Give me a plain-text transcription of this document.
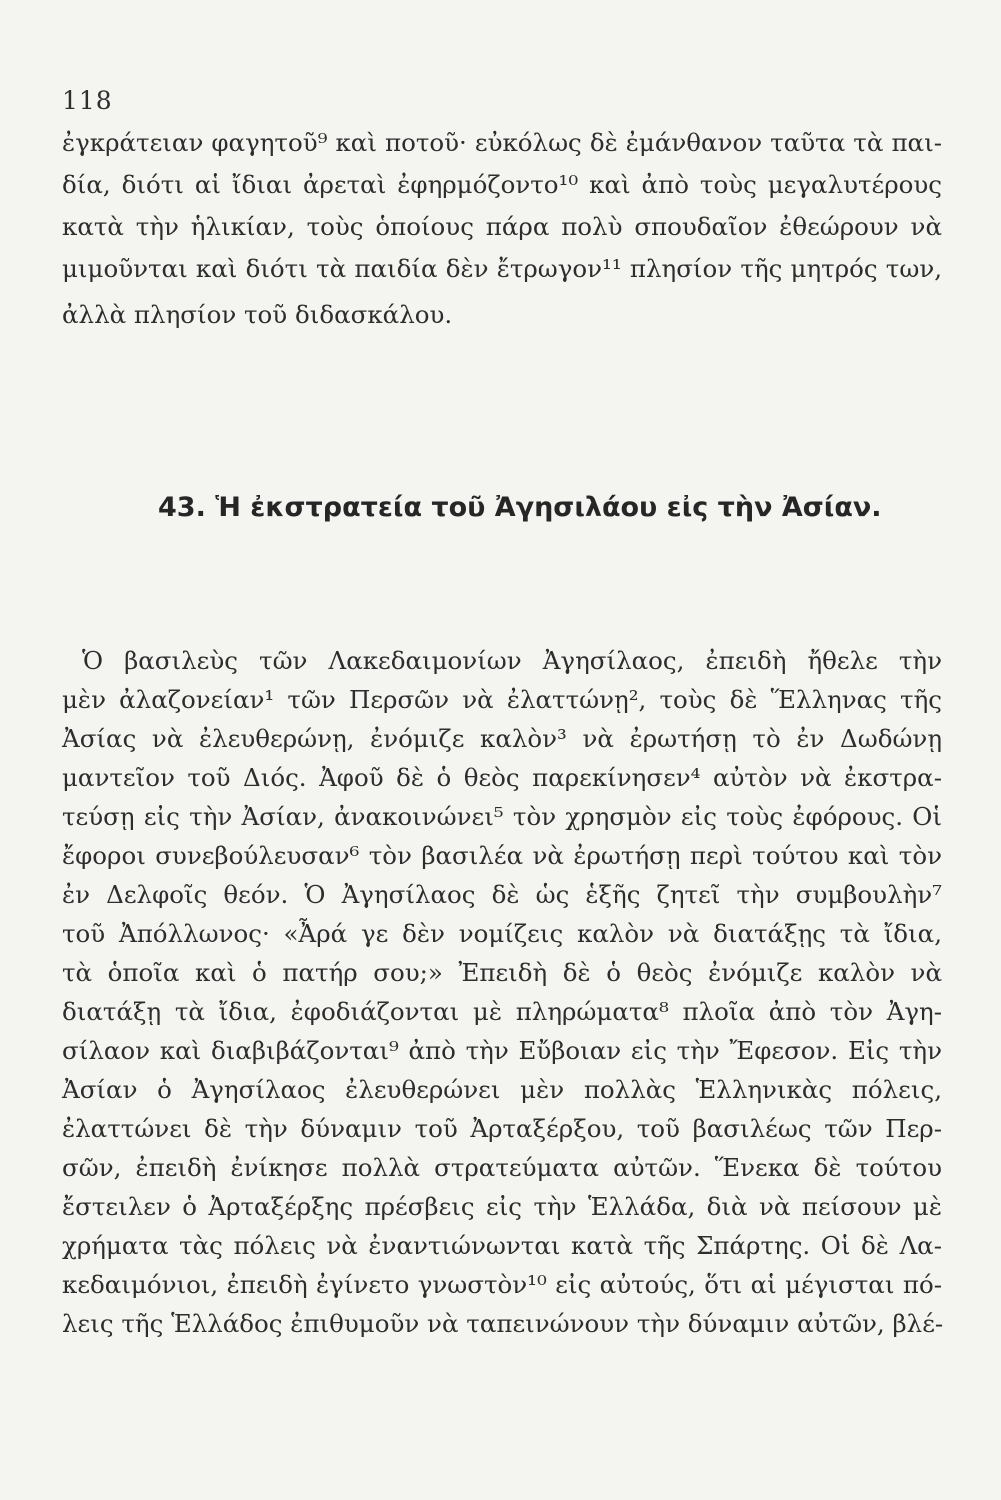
118
ἐγκράτειαν φαγητοῦ⁹ καὶ ποτοῦ· εὐκόλως δὲ ἐμάνθανον ταῦτα τὰ παι-
δία, διότι αἱ ἴδιαι ἀρεταὶ ἐφηρμόζοντο¹⁰ καὶ ἀπὸ τοὺς μεγαλυτέρους
κατὰ τὴν ἡλικίαν, τοὺς ὁποίους πάρα πολὺ σπουδαῖον ἐθεώρουν νὰ
μιμοῦνται καὶ διότι τὰ παιδία δὲν ἔτρωγον¹¹ πλησίον τῆς μητρός των,
ἀλλὰ πλησίον τοῦ διδασκάλου.
43. Ἡ ἐκστρατεία τοῦ Ἀγησιλάου εἰς τὴν Ἀσίαν.
Ὁ βασιλεὺς τῶν Λακεδαιμονίων Ἀγησίλαος, ἐπειδὴ ἤθελε τὴν
μὲν ἀλαζονείαν¹ τῶν Περσῶν νὰ ἐλαττώνῃ², τοὺς δὲ Ἕλληνας τῆς
Ἀσίας νὰ ἐλευθερώνῃ, ἐνόμιζε καλὸν³ νὰ ἐρωτήσῃ τὸ ἐν Δωδώνῃ
μαντεῖον τοῦ Διός. Ἀφοῦ δὲ ὁ θεὸς παρεκίνησεν⁴ αὐτὸν νὰ ἐκστρα-
τεύσῃ εἰς τὴν Ἀσίαν, ἀνακοινώνει⁵ τὸν χρησμὸν εἰς τοὺς ἐφόρους. Οἱ
ἔφοροι συνεβούλευσαν⁶ τὸν βασιλέα νὰ ἐρωτήσῃ περὶ τούτου καὶ τὸν
ἐν Δελφοῖς θεόν. Ὁ Ἀγησίλαος δὲ ὡς ἑξῆς ζητεῖ τὴν συμβουλὴν⁷
τοῦ Ἀπόλλωνος· «Ἆρά γε δὲν νομίζεις καλὸν νὰ διατάξῃς τὰ ἴδια,
τὰ ὁποῖα καὶ ὁ πατήρ σου;» Ἐπειδὴ δὲ ὁ θεὸς ἐνόμιζε καλὸν νὰ
διατάξῃ τὰ ἴδια, ἐφοδιάζονται μὲ πληρώματα⁸ πλοῖα ἀπὸ τὸν Ἀγη-
σίλαον καὶ διαβιβάζονται⁹ ἀπὸ τὴν Εὔβοιαν εἰς τὴν Ἔφεσον. Εἰς τὴν
Ἀσίαν ὁ Ἀγησίλαος ἐλευθερώνει μὲν πολλὰς Ἑλληνικὰς πόλεις,
ἐλαττώνει δὲ τὴν δύναμιν τοῦ Ἀρταξέρξου, τοῦ βασιλέως τῶν Περ-
σῶν, ἐπειδὴ ἐνίκησε πολλὰ στρατεύματα αὐτῶν. Ἕνεκα δὲ τούτου
ἔστειλεν ὁ Ἀρταξέρξης πρέσβεις εἰς τὴν Ἑλλάδα, διὰ νὰ πείσουν μὲ
χρήματα τὰς πόλεις νὰ ἐναντιώνωνται κατὰ τῆς Σπάρτης. Οἱ δὲ Λα-
κεδαιμόνιοι, ἐπειδὴ ἐγίνετο γνωστὸν¹⁰ εἰς αὐτούς, ὅτι αἱ μέγισται πό-
λεις τῆς Ἑλλάδος ἐπιθυμοῦν νὰ ταπεινώνουν τὴν δύναμιν αὐτῶν, βλέ-
